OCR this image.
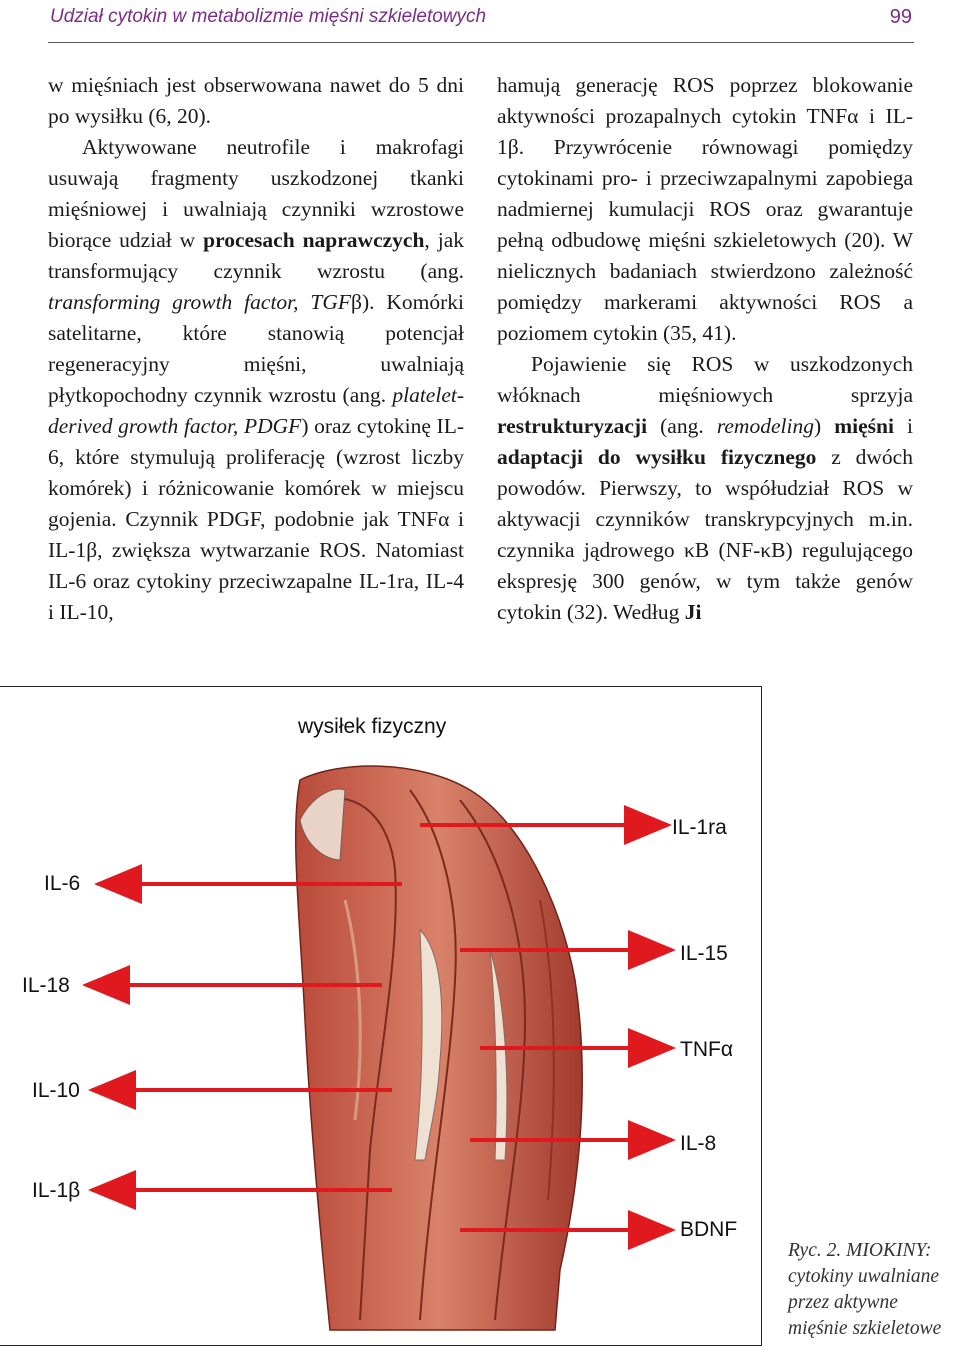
Udział cytokin w metabolizmie mięśni szkieletowych	99

w mięśniach jest obserwowana nawet do 5 dni po wysiłku (6, 20).

Aktywowane neutrofile i makrofagi usuwają fragmenty uszkodzonej tkanki mięśniowej i uwalniają czynniki wzrostowe biorące udział w procesach naprawczych, jak transformujący czynnik wzrostu (ang. transforming growth factor, TGFβ). Komórki satelitarne, które stanowią potencjał regeneracyjny mięśni, uwalniają płytkopochodny czynnik wzrostu (ang. platelet-derived growth factor, PDGF) oraz cytokinę IL-6, które stymulują proliferację (wzrost liczby komórek) i różnicowanie komórek w miejscu gojenia. Czynnik PDGF, podobnie jak TNFα i IL-1β, zwiększa wytwarzanie ROS. Natomiast IL-6 oraz cytokiny przeciwzapalne IL-1ra, IL-4 i IL-10,

hamują generację ROS poprzez blokowanie aktywności prozapalnych cytokin TNFα i IL-1β. Przywrócenie równowagi pomiędzy cytokinami pro- i przeciwzapalnymi zapobiega nadmiernej kumulacji ROS oraz gwarantuje pełną odbudowę mięśni szkieletowych (20). W nielicznych badaniach stwierdzono zależność pomiędzy markerami aktywności ROS a poziomem cytokin (35, 41).

Pojawienie się ROS w uszkodzonych włóknach mięśniowych sprzyja restrukturyzacji (ang. remodeling) mięśni i adaptacji do wysiłku fizycznego z dwóch powodów. Pierwszy, to współudział ROS w aktywacji czynników transkrypcyjnych m.in. czynnika jądrowego κB (NF-κB) regulującego ekspresję 300 genów, w tym także genów cytokin (32). Według Ji

wysiłek fizyczny
IL-6
IL-18
IL-10
IL-1β
IL-1ra
IL-15
TNFα
IL-8
BDNF
Ryc. 2. MIOKINY: cytokiny uwalniane przez aktywne mięśnie szkieletowe
